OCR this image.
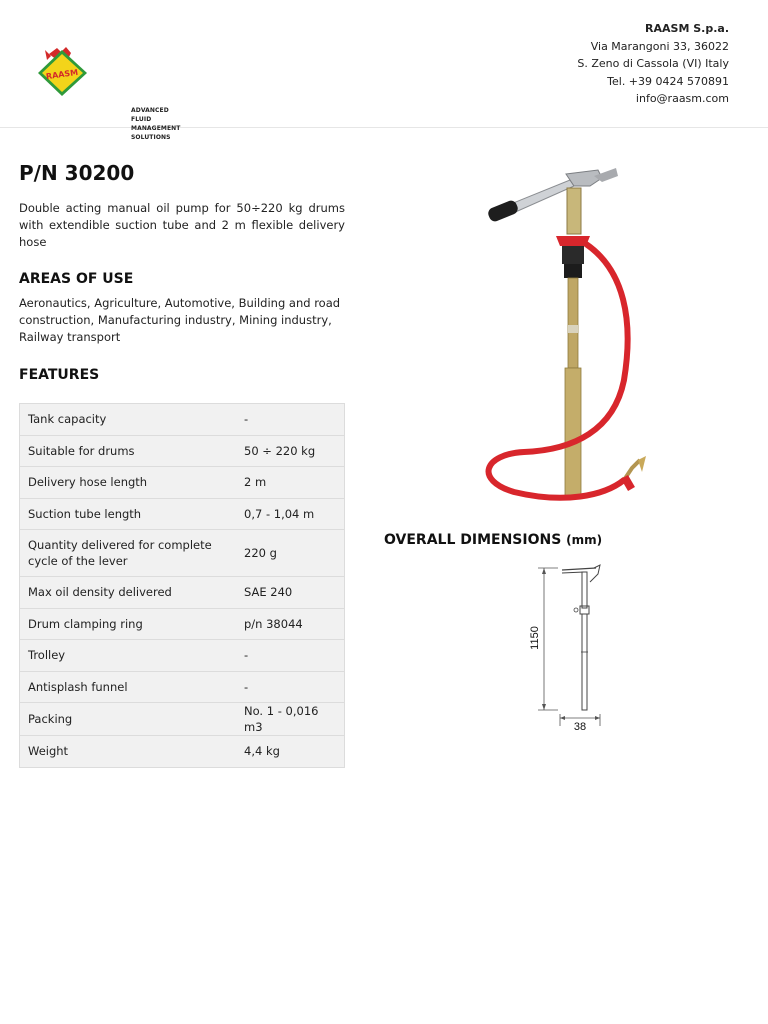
RAASM
ADVANCED FLUID
MANAGEMENT SOLUTIONS
RAASM S.p.a.
Via Marangoni 33, 36022
S. Zeno di Cassola (VI) Italy
Tel. +39 0424 570891
info@raasm.com
P/N 30200
Double acting manual oil pump for 50÷220 kg drums with extendible suction tube and 2 m flexible delivery hose
AREAS OF USE
Aeronautics, Agriculture, Automotive, Building and road construction, Manufacturing industry, Mining industry, Railway transport
FEATURES
Tank capacity	-
Suitable for drums	50 ÷ 220 kg
Delivery hose length	2 m
Suction tube length	0,7 - 1,04 m
Quantity delivered for complete cycle of the lever	220 g
Max oil density delivered	SAE 240
Drum clamping ring	p/n 38044
Trolley	-
Antisplash funnel	-
Packing	No. 1 - 0,016 m3
Weight	4,4 kg
OVERALL DIMENSIONS (mm)
1150
38
